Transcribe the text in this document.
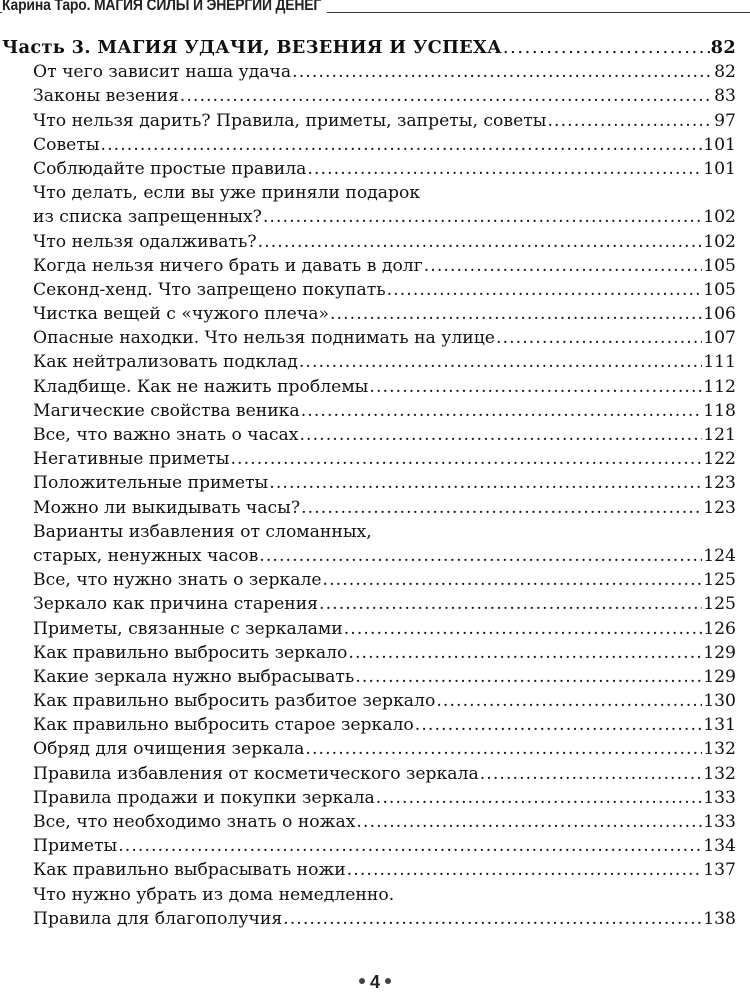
Карина Таро. МАГИЯ СИЛЫ И ЭНЕРГИИ ДЕНЕГ
Часть 3. МАГИЯ УДАЧИ, ВЕЗЕНИЯ И УСПЕХА .....	82
От чего зависит наша удача .....	82
Законы везения .....	83
Что нельзя дарить? Правила, приметы, запреты, советы .....	97
Советы .....	101
Соблюдайте простые правила .....	101
Что делать, если вы уже приняли подарок
из списка запрещенных? .....	102
Что нельзя одалживать? .....	102
Когда нельзя ничего брать и давать в долг .....	105
Секонд-хенд. Что запрещено покупать .....	105
Чистка вещей с «чужого плеча» .....	106
Опасные находки. Что нельзя поднимать на улице .....	107
Как нейтрализовать подклад .....	111
Кладбище. Как не нажить проблемы .....	112
Магические свойства веника .....	118
Все, что важно знать о часах .....	121
Негативные приметы .....	122
Положительные приметы .....	123
Можно ли выкидывать часы? .....	123
Варианты избавления от сломанных,
старых, ненужных часов .....	124
Все, что нужно знать о зеркале .....	125
Зеркало как причина старения .....	125
Приметы, связанные с зеркалами .....	126
Как правильно выбросить зеркало .....	129
Какие зеркала нужно выбрасывать .....	129
Как правильно выбросить разбитое зеркало .....	130
Как правильно выбросить старое зеркало .....	131
Обряд для очищения зеркала .....	132
Правила избавления от косметического зеркала .....	132
Правила продажи и покупки зеркала .....	133
Все, что необходимо знать о ножах .....	133
Приметы .....	134
Как правильно выбрасывать ножи .....	137
Что нужно убрать из дома немедленно.
Правила для благополучия .....	138
4
